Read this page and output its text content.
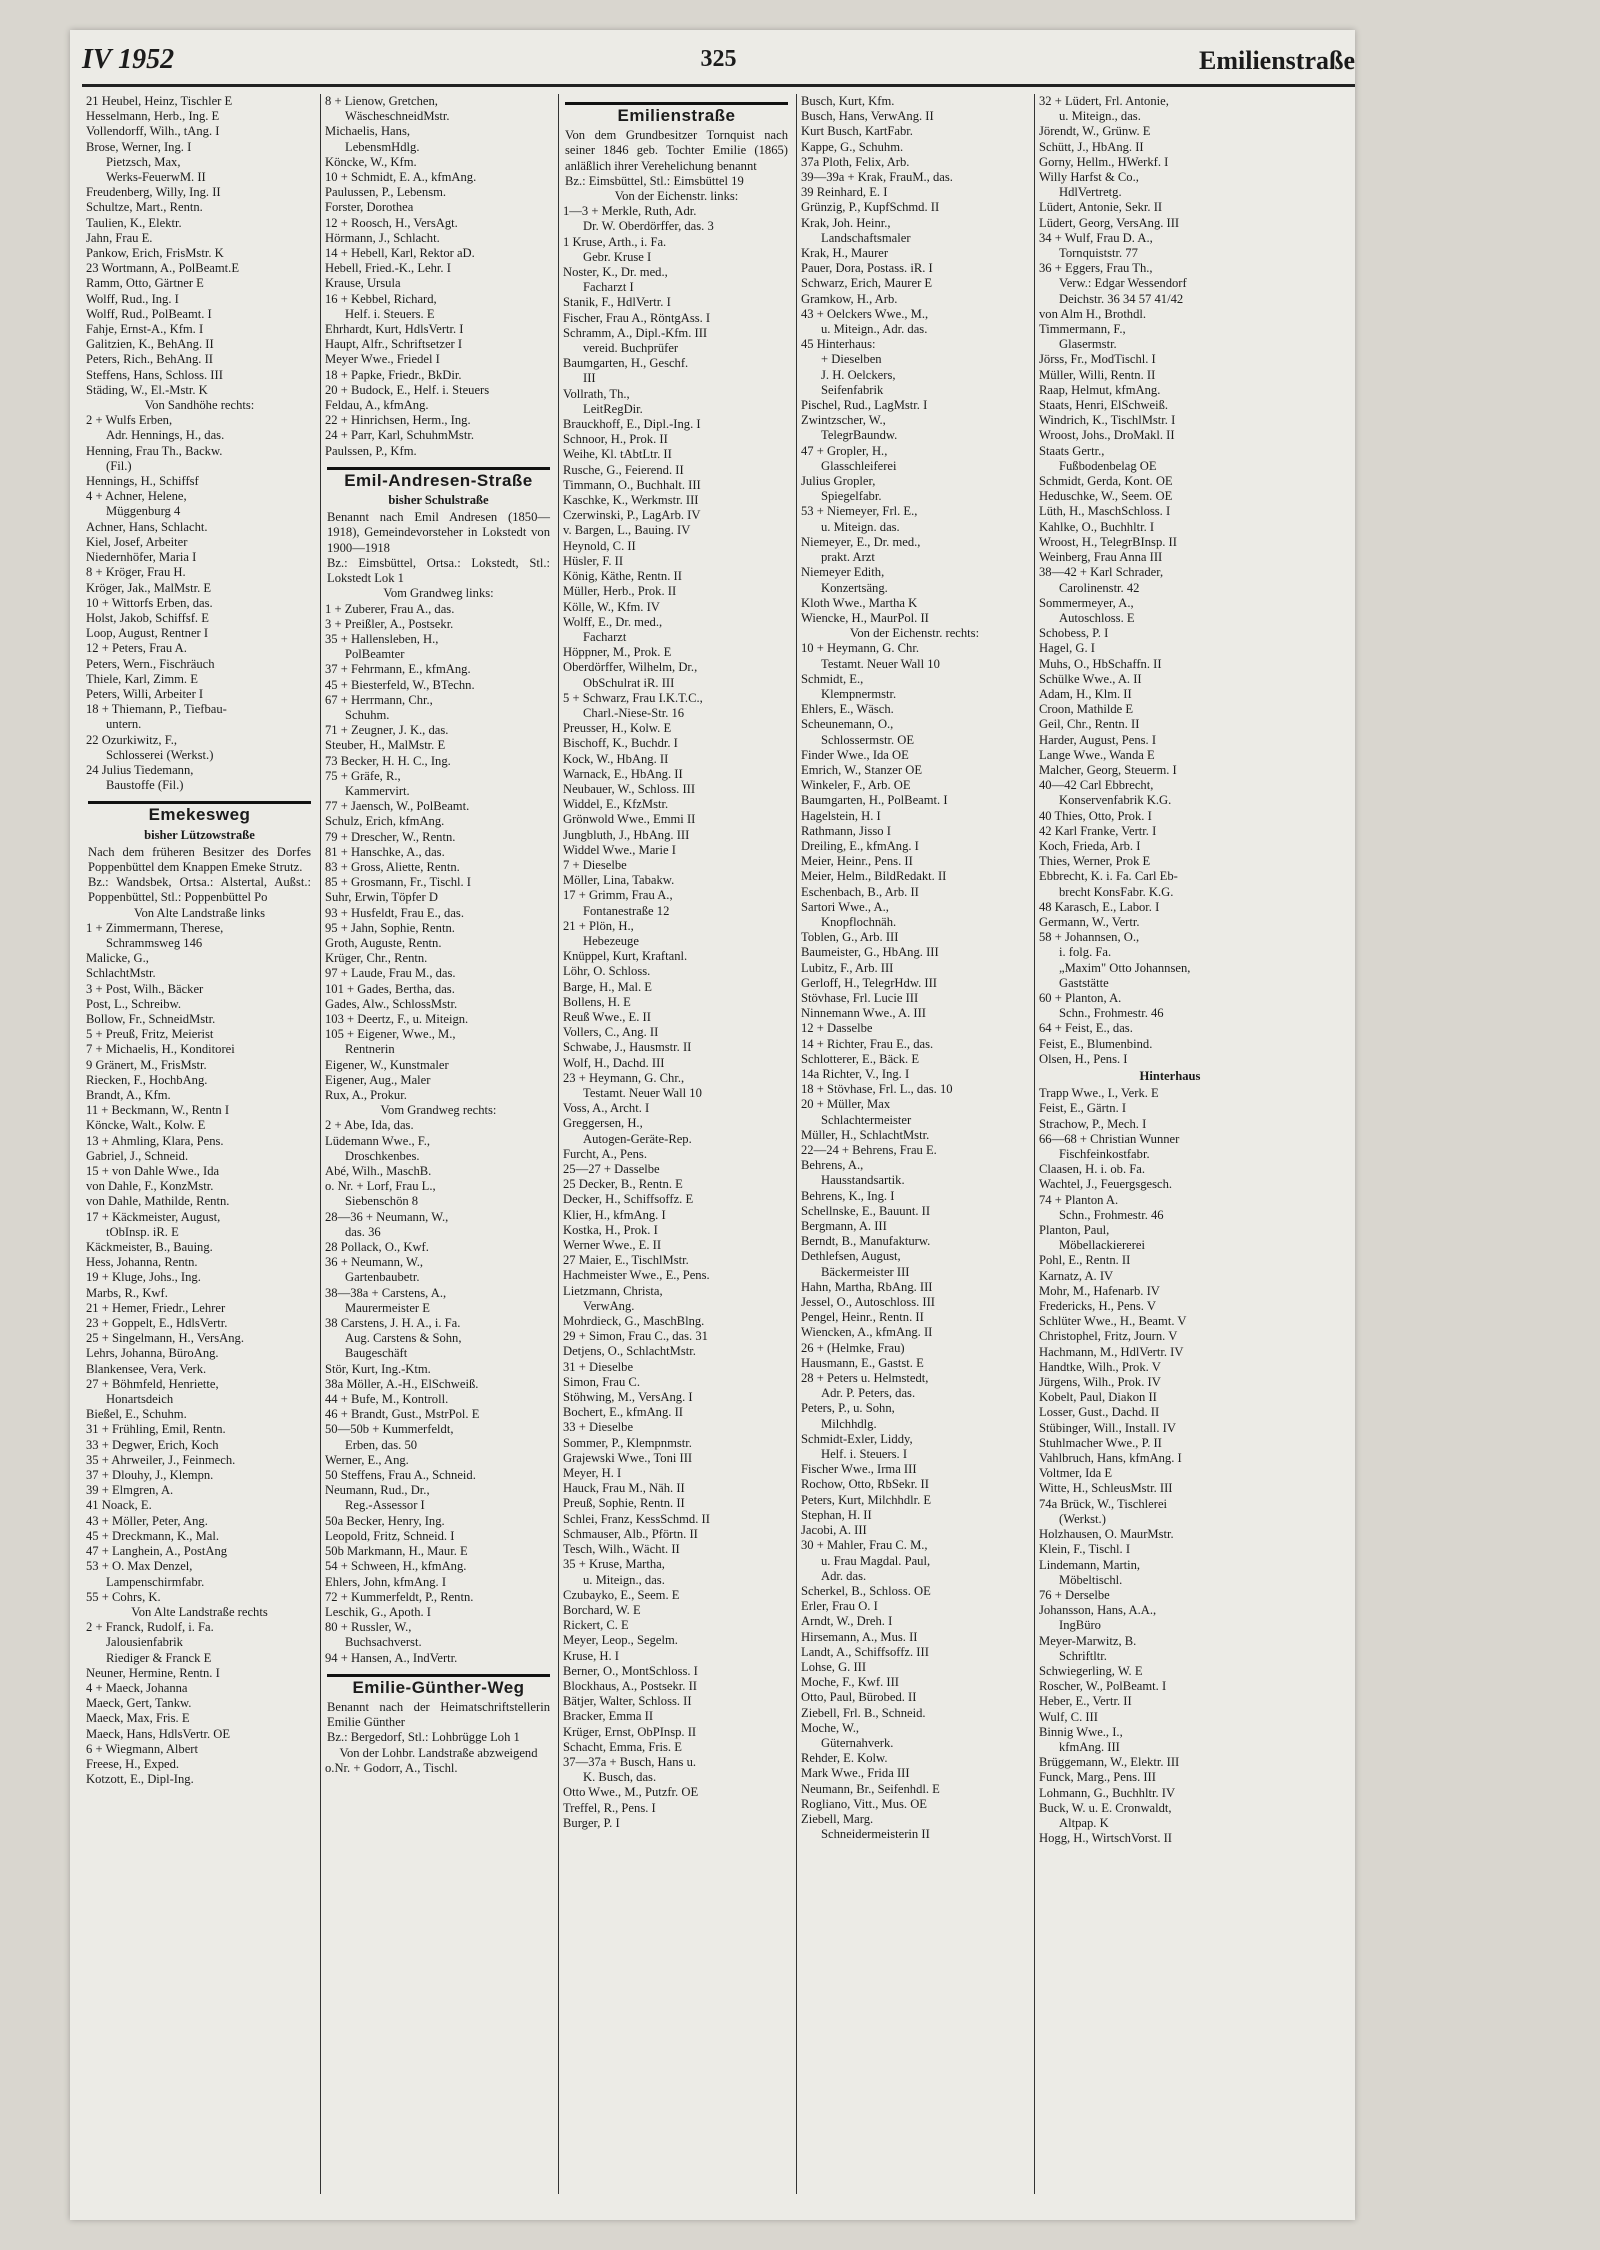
IV 1952	325	Emilienstraße
21 Heubel, Heinz, Tischler E
Hesselmann, Herb., Ing. E
Vollendorff, Wilh., tAng. I
Brose, Werner, Ing. I
Pietzsch, Max,
Werks-FeuerwM. II
Freudenberg, Willy, Ing. II
Schultze, Mart., Rentn.
Taulien, K., Elektr.
Jahn, Frau E.
Pankow, Erich, FrisMstr. K
23 Wortmann, A., PolBeamt.E
Ramm, Otto, Gärtner E
Wolff, Rud., Ing. I
Wolff, Rud., PolBeamt. I
Fahje, Ernst-A., Kfm. I
Galitzien, K., BehAng. II
Peters, Rich., BehAng. II
Steffens, Hans, Schloss. III
Städing, W., El.-Mstr. K
Von Sandhöhe rechts:
2 + Wulfs Erben,
Adr. Hennings, H., das.
Henning, Frau Th., Backw.
(Fil.)
Hennings, H., Schiffsf
4 + Achner, Helene,
Müggenburg 4
Achner, Hans, Schlacht.
Kiel, Josef, Arbeiter
Niedernhöfer, Maria I
8 + Kröger, Frau H.
Kröger, Jak., MalMstr. E
10 + Wittorfs Erben, das.
Holst, Jakob, Schiffsf. E
Loop, August, Rentner I
12 + Peters, Frau A.
Peters, Wern., Fischräuch
Thiele, Karl, Zimm. E
Peters, Willi, Arbeiter I
18 + Thiemann, P., Tiefbau-
untern.
22 Ozurkiwitz, F.,
Schlosserei (Werkst.)
24 Julius Tiedemann,
Baustoffe (Fil.)
Emekesweg
bisher Lützowstraße
Nach dem früheren Besitzer des Dorfes Poppenbüttel dem Knappen Emeke Strutz.
Bz.: Wandsbek, Ortsa.: Alstertal, Außst.: Poppenbüttel, Stl.: Poppenbüttel Po
Von Alte Landstraße links
1 + Zimmermann, Therese,
Schrammsweg 146
Malicke, G.,
SchlachtMstr.
3 + Post, Wilh., Bäcker
Post, L., Schreibw.
Bollow, Fr., SchneidMstr.
5 + Preuß, Fritz, Meierist
7 + Michaelis, H., Konditorei
9 Gränert, M., FrisMstr.
Riecken, F., HochbAng.
Brandt, A., Kfm.
11 + Beckmann, W., Rentn I
Köncke, Walt., Kolw. E
13 + Ahmling, Klara, Pens.
Gabriel, J., Schneid.
15 + von Dahle Wwe., Ida
von Dahle, F., KonzMstr.
von Dahle, Mathilde, Rentn.
17 + Käckmeister, August,
tObInsp. iR. E
Käckmeister, B., Bauing.
Hess, Johanna, Rentn.
19 + Kluge, Johs., Ing.
Marbs, R., Kwf.
21 + Hemer, Friedr., Lehrer
23 + Goppelt, E., HdlsVertr.
25 + Singelmann, H., VersAng.
Lehrs, Johanna, BüroAng.
Blankensee, Vera, Verk.
27 + Böhmfeld, Henriette,
Honartsdeich
Bießel, E., Schuhm.
31 + Frühling, Emil, Rentn.
33 + Degwer, Erich, Koch
35 + Ahrweiler, J., Feinmech.
37 + Dlouhy, J., Klempn.
39 + Elmgren, A.
41 Noack, E.
43 + Möller, Peter, Ang.
45 + Dreckmann, K., Mal.
47 + Langhein, A., PostAng
53 + O. Max Denzel,
Lampenschirmfabr.
55 + Cohrs, K.
Von Alte Landstraße rechts
2 + Franck, Rudolf, i. Fa.
Jalousienfabrik
Riediger & Franck E
Neuner, Hermine, Rentn. I
4 + Maeck, Johanna
Maeck, Gert, Tankw.
Maeck, Max, Fris. E
Maeck, Hans, HdlsVertr. OE
6 + Wiegmann, Albert
Freese, H., Exped.
Kotzott, E., Dipl-Ing.
8 + Lienow, Gretchen,
WäscheschneidMstr.
Michaelis, Hans,
LebensmHdlg.
Köncke, W., Kfm.
10 + Schmidt, E. A., kfmAng.
Paulussen, P., Lebensm.
Forster, Dorothea
12 + Roosch, H., VersAgt.
Hörmann, J., Schlacht.
14 + Hebell, Karl, Rektor aD.
Hebell, Fried.-K., Lehr. I
Krause, Ursula
16 + Kebbel, Richard,
Helf. i. Steuers. E
Ehrhardt, Kurt, HdlsVertr. I
Haupt, Alfr., Schriftsetzer I
Meyer Wwe., Friedel I
18 + Papke, Friedr., BkDir.
20 + Budock, E., Helf. i. Steuers
Feldau, A., kfmAng.
22 + Hinrichsen, Herm., Ing.
24 + Parr, Karl, SchuhmMstr.
Paulssen, P., Kfm.
Emil-Andresen-Straße
bisher Schulstraße
Benannt nach Emil Andresen (1850—1918), Gemeindevorsteher in Lokstedt von 1900—1918
Bz.: Eimsbüttel, Ortsa.: Lokstedt, Stl.: Lokstedt Lok 1
Vom Grandweg links:
1 + Zuberer, Frau A., das.
3 + Preißler, A., Postsekr.
35 + Hallensleben, H.,
PolBeamter
37 + Fehrmann, E., kfmAng.
45 + Biesterfeld, W., BTechn.
67 + Herrmann, Chr.,
Schuhm.
71 + Zeugner, J. K., das.
Steuber, H., MalMstr. E
73 Becker, H. H. C., Ing.
75 + Gräfe, R.,
Kammervirt.
77 + Jaensch, W., PolBeamt.
Schulz, Erich, kfmAng.
79 + Drescher, W., Rentn.
81 + Hanschke, A., das.
83 + Gross, Aliette, Rentn.
85 + Grosmann, Fr., Tischl. I
Suhr, Erwin, Töpfer D
93 + Husfeldt, Frau E., das.
95 + Jahn, Sophie, Rentn.
Groth, Auguste, Rentn.
Krüger, Chr., Rentn.
97 + Laude, Frau M., das.
101 + Gades, Bertha, das.
Gades, Alw., SchlossMstr.
103 + Deertz, F., u. Miteign.
105 + Eigener, Wwe., M.,
Rentnerin
Eigener, W., Kunstmaler
Eigener, Aug., Maler
Rux, A., Prokur.
Vom Grandweg rechts:
2 + Abe, Ida, das.
Lüdemann Wwe., F.,
Droschkenbes.
Abé, Wilh., MaschB.
o. Nr. + Lorf, Frau L.,
Siebenschön 8
28—36 + Neumann, W.,
das. 36
28 Pollack, O., Kwf.
36 + Neumann, W.,
Gartenbaubetr.
38—38a + Carstens, A.,
Maurermeister E
38 Carstens, J. H. A., i. Fa.
Aug. Carstens & Sohn,
Baugeschäft
Stör, Kurt, Ing.-Ktm.
38a Möller, A.-H., ElSchweiß.
44 + Bufe, M., Kontroll.
46 + Brandt, Gust., MstrPol. E
50—50b + Kummerfeldt,
Erben, das. 50
Werner, E., Ang.
50 Steffens, Frau A., Schneid.
Neumann, Rud., Dr.,
Reg.-Assessor I
50a Becker, Henry, Ing.
Leopold, Fritz, Schneid. I
50b Markmann, H., Maur. E
54 + Schween, H., kfmAng.
Ehlers, John, kfmAng. I
72 + Kummerfeldt, P., Rentn.
Leschik, G., Apoth. I
80 + Russler, W.,
Buchsachverst.
94 + Hansen, A., IndVertr.
Emilie-Günther-Weg
Benannt nach der Heimatschriftstellerin Emilie Günther
Bz.: Bergedorf, Stl.: Lohbrügge Loh 1
Von der Lohbr. Landstraße abzweigend
o.Nr. + Godorr, A., Tischl.
Emilienstraße
Von dem Grundbesitzer Tornquist nach seiner 1846 geb. Tochter Emilie (1865) anläßlich ihrer Verehelichung benannt
Bz.: Eimsbüttel, Stl.: Eimsbüttel 19
Von der Eichenstr. links:
1—3 + Merkle, Ruth, Adr.
Dr. W. Oberdörffer, das. 3
1 Kruse, Arth., i. Fa.
Gebr. Kruse I
Noster, K., Dr. med.,
Facharzt I
Stanik, F., HdlVertr. I
Fischer, Frau A., RöntgAss. I
Schramm, A., Dipl.-Kfm. III
vereid. Buchprüfer
Baumgarten, H., Geschf.
III
Vollrath, Th.,
LeitRegDir.
Brauckhoff, E., Dipl.-Ing. I
Schnoor, H., Prok. II
Weihe, Kl. tAbtLtr. II
Rusche, G., Feierend. II
Timmann, O., Buchhalt. III
Kaschke, K., Werkmstr. III
Czerwinski, P., LagArb. IV
v. Bargen, L., Bauing. IV
Heynold, C. II
Hüsler, F. II
König, Käthe, Rentn. II
Müller, Herb., Prok. II
Kölle, W., Kfm. IV
Wolff, E., Dr. med.,
Facharzt
Höppner, M., Prok. E
Oberdörffer, Wilhelm, Dr.,
ObSchulrat iR. III
5 + Schwarz, Frau I.K.T.C.,
Charl.-Niese-Str. 16
Preusser, H., Kolw. E
Bischoff, K., Buchdr. I
Kock, W., HbAng. II
Warnack, E., HbAng. II
Neubauer, W., Schloss. III
Widdel, E., KfzMstr.
Grönwold Wwe., Emmi II
Jungbluth, J., HbAng. III
Widdel Wwe., Marie I
7 + Dieselbe
Möller, Lina, Tabakw.
17 + Grimm, Frau A.,
Fontanestraße 12
21 + Plön, H.,
Hebezeuge
Knüppel, Kurt, Kraftanl.
Löhr, O. Schloss.
Barge, H., Mal. E
Bollens, H. E
Reuß Wwe., E. II
Vollers, C., Ang. II
Schwabe, J., Hausmstr. II
Wolf, H., Dachd. III
23 + Heymann, G. Chr.,
Testamt. Neuer Wall 10
Voss, A., Archt. I
Greggersen, H.,
Autogen-Geräte-Rep.
Furcht, A., Pens.
25—27 + Dasselbe
25 Decker, B., Rentn. E
Decker, H., Schiffsoffz. E
Klier, H., kfmAng. I
Kostka, H., Prok. I
Werner Wwe., E. II
27 Maier, E., TischlMstr.
Hachmeister Wwe., E., Pens.
Lietzmann, Christa,
VerwAng.
Mohrdieck, G., MaschBlng.
29 + Simon, Frau C., das. 31
Detjens, O., SchlachtMstr.
31 + Dieselbe
Simon, Frau C.
Stöhwing, M., VersAng. I
Bochert, E., kfmAng. II
33 + Dieselbe
Sommer, P., Klempnmstr.
Grajewski Wwe., Toni III
Meyer, H. I
Hauck, Frau M., Näh. II
Preuß, Sophie, Rentn. II
Schlei, Franz, KessSchmd. II
Schmauser, Alb., Pförtn. II
Tesch, Wilh., Wächt. II
35 + Kruse, Martha,
u. Miteign., das.
Czubayko, E., Seem. E
Borchard, W. E
Rickert, C. E
Meyer, Leop., Segelm.
Kruse, H. I
Berner, O., MontSchloss. I
Blockhaus, A., Postsekr. II
Bätjer, Walter, Schloss. II
Bracker, Emma II
Krüger, Ernst, ObPInsp. II
Schacht, Emma, Fris. E
37—37a + Busch, Hans u.
K. Busch, das.
Otto Wwe., M., Putzfr. OE
Treffel, R., Pens. I
Burger, P. I
Busch, Kurt, Kfm.
Busch, Hans, VerwAng. II
Kurt Busch, KartFabr.
Kappe, G., Schuhm.
37a Ploth, Felix, Arb.
39—39a + Krak, FrauM., das.
39 Reinhard, E. I
Grünzig, P., KupfSchmd. II
Krak, Joh. Heinr.,
Landschaftsmaler
Krak, H., Maurer
Pauer, Dora, Postass. iR. I
Schwarz, Erich, Maurer E
Gramkow, H., Arb.
43 + Oelckers Wwe., M.,
u. Miteign., Adr. das.
45 Hinterhaus:
+ Dieselben
J. H. Oelckers,
Seifenfabrik
Pischel, Rud., LagMstr. I
Zwintzscher, W.,
TelegrBaundw.
47 + Gropler, H.,
Glasschleiferei
Julius Gropler,
Spiegelfabr.
53 + Niemeyer, Frl. E.,
u. Miteign. das.
Niemeyer, E., Dr. med.,
prakt. Arzt
Niemeyer Edith,
Konzertsäng.
Kloth Wwe., Martha K
Wiencke, H., MaurPol. II
Von der Eichenstr. rechts:
10 + Heymann, G. Chr.
Testamt. Neuer Wall 10
Schmidt, E.,
Klempnermstr.
Ehlers, E., Wäsch.
Scheunemann, O.,
Schlossermstr. OE
Finder Wwe., Ida OE
Emrich, W., Stanzer OE
Winkeler, F., Arb. OE
Baumgarten, H., PolBeamt. I
Hagelstein, H. I
Rathmann, Jisso I
Dreiling, E., kfmAng. I
Meier, Heinr., Pens. II
Meier, Helm., BildRedakt. II
Eschenbach, B., Arb. II
Sartori Wwe., A.,
Knopflochnäh.
Toblen, G., Arb. III
Baumeister, G., HbAng. III
Lubitz, F., Arb. III
Gerloff, H., TelegrHdw. III
Stövhase, Frl. Lucie III
Ninnemann Wwe., A. III
12 + Dasselbe
14 + Richter, Frau E., das.
Schlotterer, E., Bäck. E
14a Richter, V., Ing. I
18 + Stövhase, Frl. L., das. 10
20 + Müller, Max
Schlachtermeister
Müller, H., SchlachtMstr.
22—24 + Behrens, Frau E.
Behrens, A.,
Hausstandsartik.
Behrens, K., Ing. I
Schellnske, E., Bauunt. II
Bergmann, A. III
Berndt, B., Manufakturw.
Dethlefsen, August,
Bäckermeister III
Hahn, Martha, RbAng. III
Jessel, O., Autoschloss. III
Pengel, Heinr., Rentn. II
Wiencken, A., kfmAng. II
26 + (Helmke, Frau)
Hausmann, E., Gastst. E
28 + Peters u. Helmstedt,
Adr. P. Peters, das.
Peters, P., u. Sohn,
Milchhdlg.
Schmidt-Exler, Liddy,
Helf. i. Steuers. I
Fischer Wwe., Irma III
Rochow, Otto, RbSekr. II
Peters, Kurt, Milchhdlr. E
Stephan, H. II
Jacobi, A. III
30 + Mahler, Frau C. M.,
u. Frau Magdal. Paul,
Adr. das.
Scherkel, B., Schloss. OE
Erler, Frau O. I
Arndt, W., Dreh. I
Hirsemann, A., Mus. II
Landt, A., Schiffsoffz. III
Lohse, G. III
Moche, F., Kwf. III
Otto, Paul, Bürobed. II
Ziebell, Frl. B., Schneid.
Moche, W.,
Güternahverk.
Rehder, E. Kolw.
Mark Wwe., Frida III
Neumann, Br., Seifenhdl. E
Rogliano, Vitt., Mus. OE
Ziebell, Marg.
Schneidermeisterin II
32 + Lüdert, Frl. Antonie,
u. Miteign., das.
Jörendt, W., Grünw. E
Schütt, J., HbAng. II
Gorny, Hellm., HWerkf. I
Willy Harfst & Co.,
HdlVertretg.
Lüdert, Antonie, Sekr. II
Lüdert, Georg, VersAng. III
34 + Wulf, Frau D. A.,
Tornquiststr. 77
36 + Eggers, Frau Th.,
Verw.: Edgar Wessendorf
Deichstr. 36 34 57 41/42
von Alm H., Brothdl.
Timmermann, F.,
Glasermstr.
Jörss, Fr., ModTischl. I
Müller, Willi, Rentn. II
Raap, Helmut, kfmAng.
Staats, Henri, ElSchweiß.
Windrich, K., TischlMstr. I
Wroost, Johs., DroMakl. II
Staats Gertr.,
Fußbodenbelag OE
Schmidt, Gerda, Kont. OE
Heduschke, W., Seem. OE
Lüth, H., MaschSchloss. I
Kahlke, O., Buchhltr. I
Wroost, H., TelegrBInsp. II
Weinberg, Frau Anna III
38—42 + Karl Schrader,
Carolinenstr. 42
Sommermeyer, A.,
Autoschloss. E
Schobess, P. I
Hagel, G. I
Muhs, O., HbSchaffn. II
Schülke Wwe., A. II
Adam, H., Klm. II
Croon, Mathilde E
Geil, Chr., Rentn. II
Harder, August, Pens. I
Lange Wwe., Wanda E
Malcher, Georg, Steuerm. I
40—42 Carl Ebbrecht,
Konservenfabrik K.G.
40 Thies, Otto, Prok. I
42 Karl Franke, Vertr. I
Koch, Frieda, Arb. I
Thies, Werner, Prok E
Ebbrecht, K. i. Fa. Carl Eb-
brecht KonsFabr. K.G.
48 Karasch, E., Labor. I
Germann, W., Vertr.
58 + Johannsen, O.,
i. folg. Fa.
„Maxim" Otto Johannsen,
Gaststätte
60 + Planton, A.
Schn., Frohmestr. 46
64 + Feist, E., das.
Feist, E., Blumenbind.
Olsen, H., Pens. I
Hinterhaus
Trapp Wwe., I., Verk. E
Feist, E., Gärtn. I
Strachow, P., Mech. I
66—68 + Christian Wunner
Fischfeinkostfabr.
Claasen, H. i. ob. Fa.
Wachtel, J., Feuergsgesch.
74 + Planton A.
Schn., Frohmestr. 46
Planton, Paul,
Möbellackiererei
Pohl, E., Rentn. II
Karnatz, A. IV
Mohr, M., Hafenarb. IV
Fredericks, H., Pens. V
Schlüter Wwe., H., Beamt. V
Christophel, Fritz, Journ. V
Hachmann, M., HdlVertr. IV
Handtke, Wilh., Prok. V
Jürgens, Wilh., Prok. IV
Kobelt, Paul, Diakon II
Losser, Gust., Dachd. II
Stübinger, Will., Install. IV
Stuhlmacher Wwe., P. II
Vahlbruch, Hans, kfmAng. I
Voltmer, Ida E
Witte, H., SchleusMstr. III
74a Brück, W., Tischlerei
(Werkst.)
Holzhausen, O. MaurMstr.
Klein, F., Tischl. I
Lindemann, Martin,
Möbeltischl.
76 + Derselbe
Johansson, Hans, A.A.,
IngBüro
Meyer-Marwitz, B.
Schriftltr.
Schwiegerling, W. E
Roscher, W., PolBeamt. I
Heber, E., Vertr. II
Wulf, C. III
Binnig Wwe., I.,
kfmAng. III
Brüggemann, W., Elektr. III
Funck, Marg., Pens. III
Lohmann, G., Buchhltr. IV
Buck, W. u. E. Cronwaldt,
Altpap. K
Hogg, H., WirtschVorst. II
